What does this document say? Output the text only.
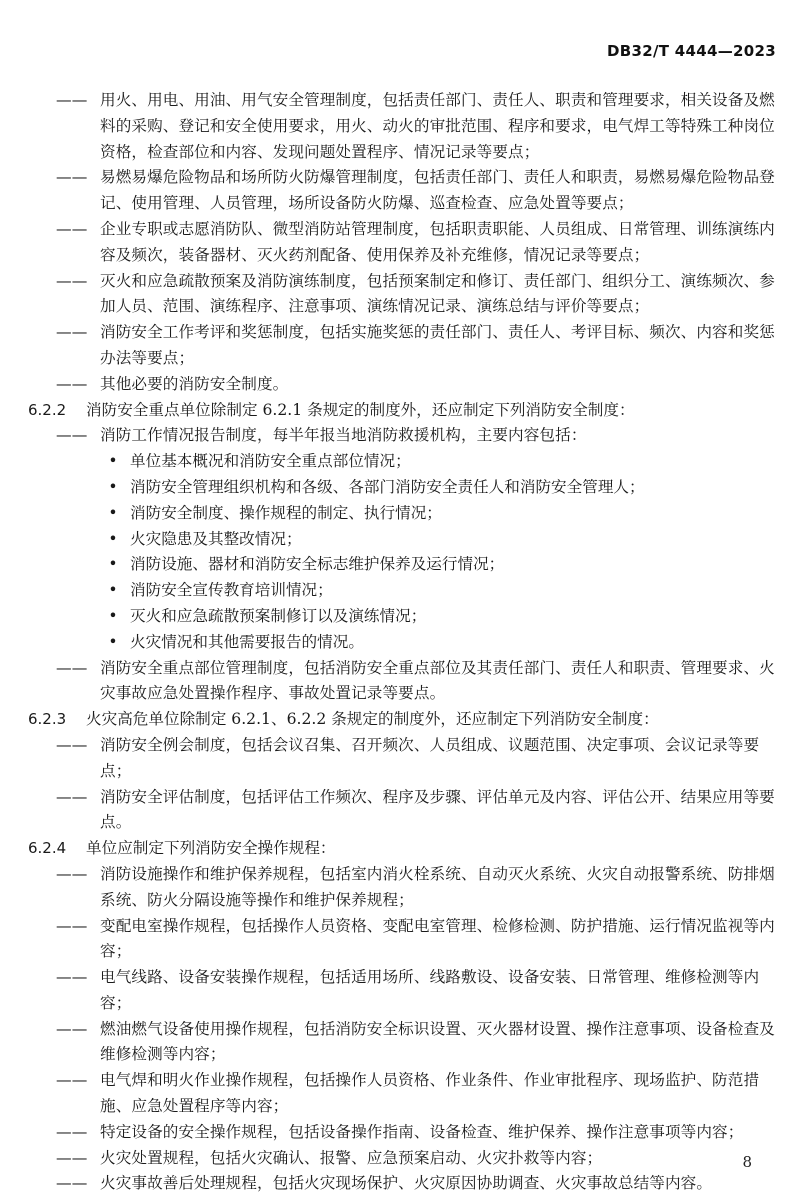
DB32/T 4444—2023

—— 用火、用电、用油、用气安全管理制度，包括责任部门、责任人、职责和管理要求，相关设备及燃料的采购、登记和安全使用要求，用火、动火的审批范围、程序和要求，电气焊工等特殊工种岗位资格，检查部位和内容、发现问题处置程序、情况记录等要点；

—— 易燃易爆危险物品和场所防火防爆管理制度，包括责任部门、责任人和职责，易燃易爆危险物品登记、使用管理、人员管理，场所设备防火防爆、巡查检查、应急处置等要点；

—— 企业专职或志愿消防队、微型消防站管理制度，包括职责职能、人员组成、日常管理、训练演练内容及频次，装备器材、灭火药剂配备、使用保养及补充维修，情况记录等要点；

—— 灭火和应急疏散预案及消防演练制度，包括预案制定和修订、责任部门、组织分工、演练频次、参加人员、范围、演练程序、注意事项、演练情况记录、演练总结与评价等要点；

—— 消防安全工作考评和奖惩制度，包括实施奖惩的责任部门、责任人、考评目标、频次、内容和奖惩办法等要点；

—— 其他必要的消防安全制度。

6.2.2 消防安全重点单位除制定 6.2.1 条规定的制度外，还应制定下列消防安全制度：

—— 消防工作情况报告制度，每半年报当地消防救援机构，主要内容包括：

• 单位基本概况和消防安全重点部位情况；

• 消防安全管理组织机构和各级、各部门消防安全责任人和消防安全管理人；

• 消防安全制度、操作规程的制定、执行情况；

• 火灾隐患及其整改情况；

• 消防设施、器材和消防安全标志维护保养及运行情况；

• 消防安全宣传教育培训情况；

• 灭火和应急疏散预案制修订以及演练情况；

• 火灾情况和其他需要报告的情况。

—— 消防安全重点部位管理制度，包括消防安全重点部位及其责任部门、责任人和职责、管理要求、火灾事故应急处置操作程序、事故处置记录等要点。

6.2.3 火灾高危单位除制定 6.2.1、6.2.2 条规定的制度外，还应制定下列消防安全制度：

—— 消防安全例会制度，包括会议召集、召开频次、人员组成、议题范围、决定事项、会议记录等要点；

—— 消防安全评估制度，包括评估工作频次、程序及步骤、评估单元及内容、评估公开、结果应用等要点。

6.2.4 单位应制定下列消防安全操作规程：

—— 消防设施操作和维护保养规程，包括室内消火栓系统、自动灭火系统、火灾自动报警系统、防排烟系统、防火分隔设施等操作和维护保养规程；

—— 变配电室操作规程，包括操作人员资格、变配电室管理、检修检测、防护措施、运行情况监视等内容；

—— 电气线路、设备安装操作规程，包括适用场所、线路敷设、设备安装、日常管理、维修检测等内容；

—— 燃油燃气设备使用操作规程，包括消防安全标识设置、灭火器材设置、操作注意事项、设备检查及维修检测等内容；

—— 电气焊和明火作业操作规程，包括操作人员资格、作业条件、作业审批程序、现场监护、防范措施、应急处置程序等内容；

—— 特定设备的安全操作规程，包括设备操作指南、设备检查、维护保养、操作注意事项等内容；

—— 火灾处置规程，包括火灾确认、报警、应急预案启动、火灾扑救等内容；

—— 火灾事故善后处理规程，包括火灾现场保护、火灾原因协助调查、火灾事故总结等内容。

8
